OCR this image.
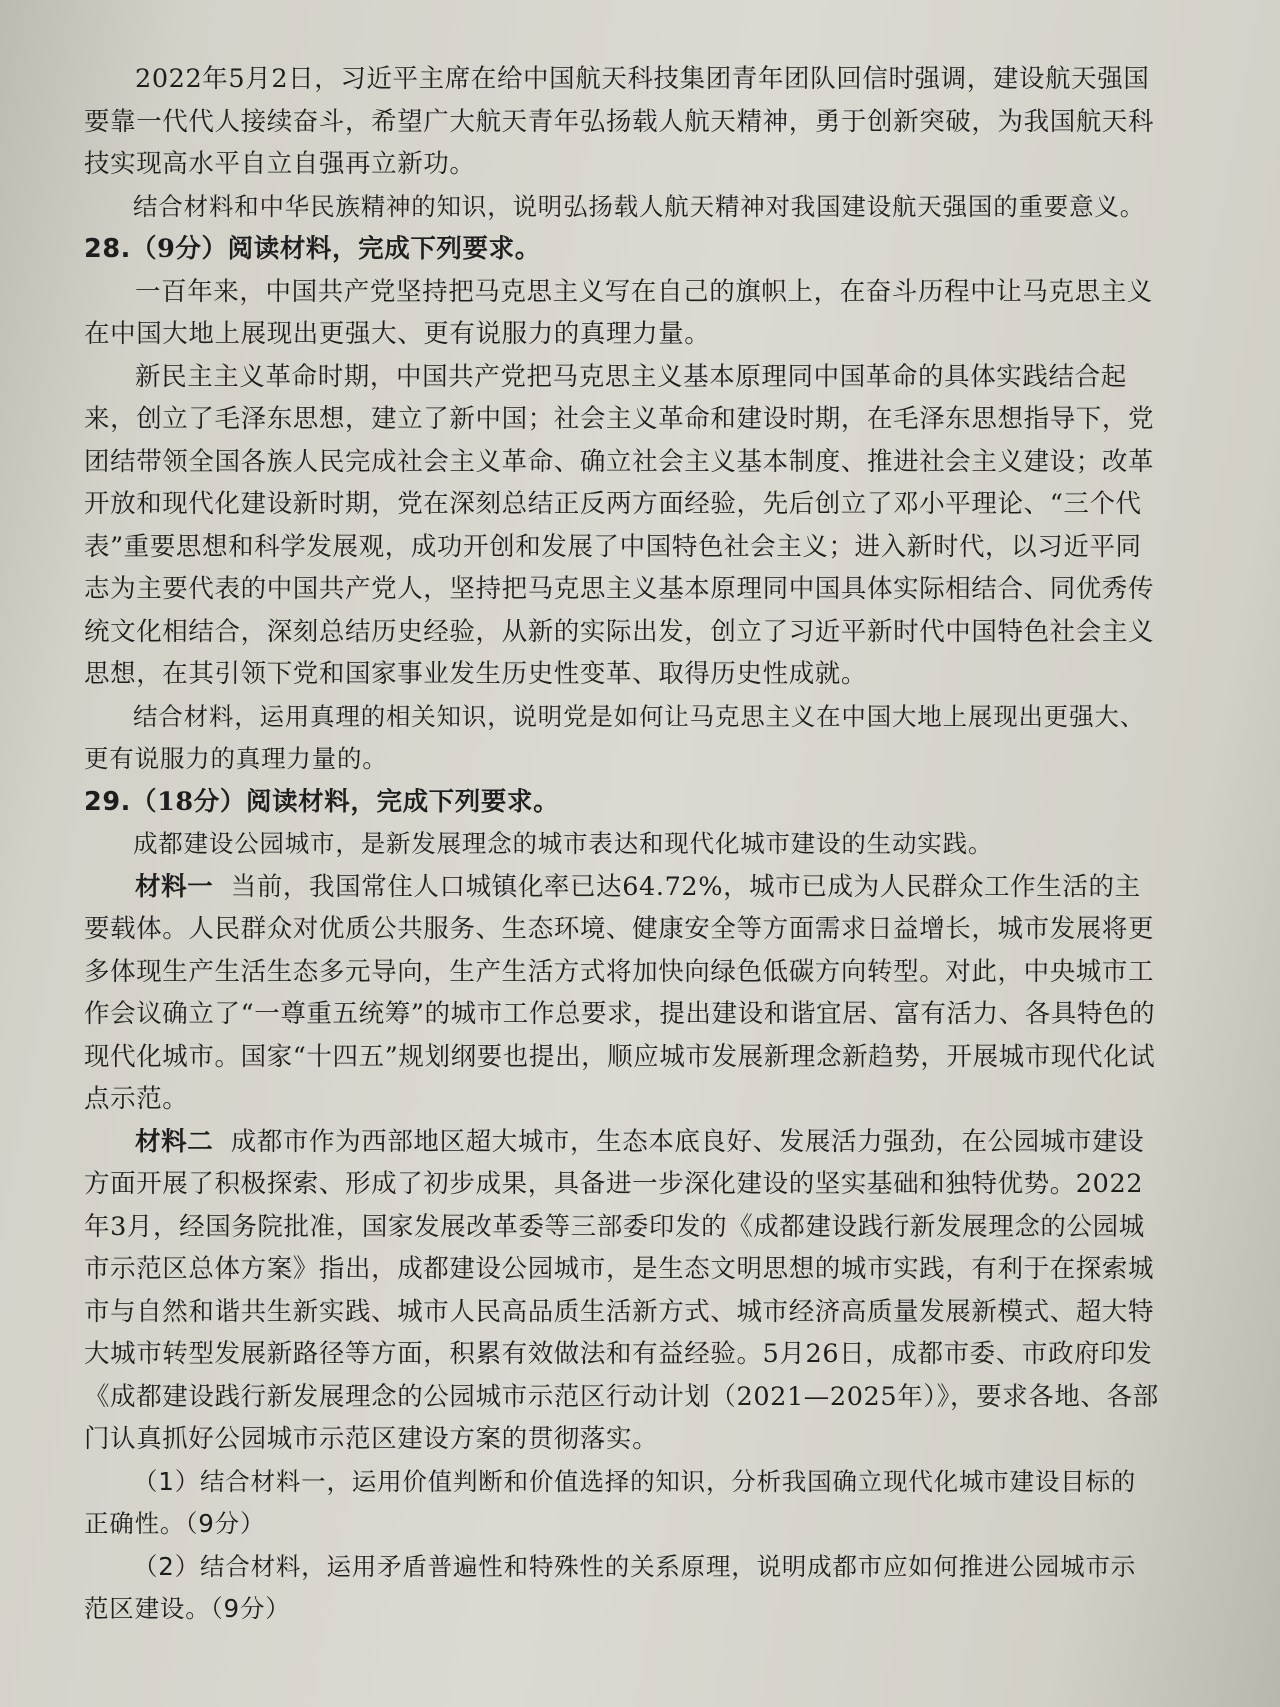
2022年5月2日，习近平主席在给中国航天科技集团青年团队回信时强调，建设航天强国要靠一代代人接续奋斗，希望广大航天青年弘扬载人航天精神，勇于创新突破，为我国航天科技实现高水平自立自强再立新功。

结合材料和中华民族精神的知识，说明弘扬载人航天精神对我国建设航天强国的重要意义。

28.（9分）阅读材料，完成下列要求。

一百年来，中国共产党坚持把马克思主义写在自己的旗帜上，在奋斗历程中让马克思主义在中国大地上展现出更强大、更有说服力的真理力量。

新民主主义革命时期，中国共产党把马克思主义基本原理同中国革命的具体实践结合起来，创立了毛泽东思想，建立了新中国；社会主义革命和建设时期，在毛泽东思想指导下，党团结带领全国各族人民完成社会主义革命、确立社会主义基本制度、推进社会主义建设；改革开放和现代化建设新时期，党在深刻总结正反两方面经验，先后创立了邓小平理论、“三个代表”重要思想和科学发展观，成功开创和发展了中国特色社会主义；进入新时代，以习近平同志为主要代表的中国共产党人，坚持把马克思主义基本原理同中国具体实际相结合、同优秀传统文化相结合，深刻总结历史经验，从新的实际出发，创立了习近平新时代中国特色社会主义思想，在其引领下党和国家事业发生历史性变革、取得历史性成就。

结合材料，运用真理的相关知识，说明党是如何让马克思主义在中国大地上展现出更强大、更有说服力的真理力量的。

29.（18分）阅读材料，完成下列要求。

成都建设公园城市，是新发展理念的城市表达和现代化城市建设的生动实践。

材料一 当前，我国常住人口城镇化率已达64.72%，城市已成为人民群众工作生活的主要载体。人民群众对优质公共服务、生态环境、健康安全等方面需求日益增长，城市发展将更多体现生产生活生态多元导向，生产生活方式将加快向绿色低碳方向转型。对此，中央城市工作会议确立了“一尊重五统筹”的城市工作总要求，提出建设和谐宜居、富有活力、各具特色的现代化城市。国家“十四五”规划纲要也提出，顺应城市发展新理念新趋势，开展城市现代化试点示范。

材料二 成都市作为西部地区超大城市，生态本底良好、发展活力强劲，在公园城市建设方面开展了积极探索、形成了初步成果，具备进一步深化建设的坚实基础和独特优势。2022年3月，经国务院批准，国家发展改革委等三部委印发的《成都建设践行新发展理念的公园城市示范区总体方案》指出，成都建设公园城市，是生态文明思想的城市实践，有利于在探索城市与自然和谐共生新实践、城市人民高品质生活新方式、城市经济高质量发展新模式、超大特大城市转型发展新路径等方面，积累有效做法和有益经验。5月26日，成都市委、市政府印发《成都建设践行新发展理念的公园城市示范区行动计划（2021—2025年）》，要求各地、各部门认真抓好公园城市示范区建设方案的贯彻落实。

（1）结合材料一，运用价值判断和价值选择的知识，分析我国确立现代化城市建设目标的正确性。（9分）

（2）结合材料，运用矛盾普遍性和特殊性的关系原理，说明成都市应如何推进公园城市示范区建设。（9分）
